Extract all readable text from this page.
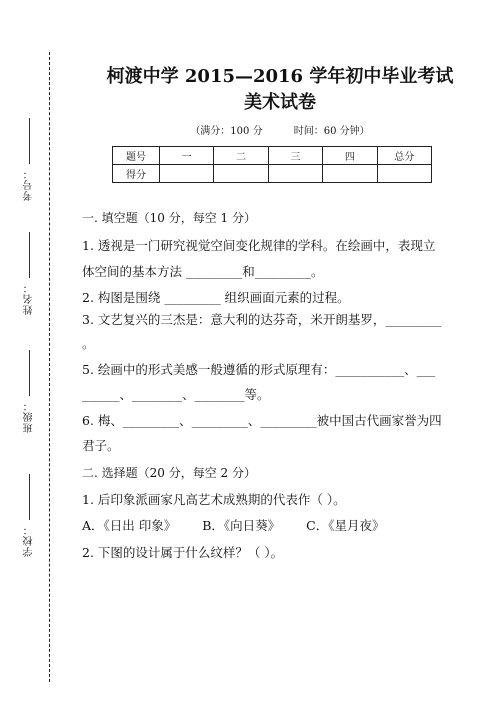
考号：
姓名：
班级：
学校：
柯渡中学 2015—2016 学年初中毕业考试
美术试卷

（满分：100 分	时间：60 分钟）

题号	一	二	三	四	总分
得分					

一. 填空题（10 分，每空 1 分）

1. 透视是一门研究视觉空间变化规律的学科。在绘画中，表现立

体空间的基本方法 _________和_________。

2. 构图是围绕 _________ 组织画面元素的过程。

3. 文艺复兴的三杰是：意大利的达芬奇，米开朗基罗，_________

。

5. 绘画中的形式美感一般遵循的形式原理有：___________、___

______、________、________等。

6. 梅、_________、_________、_________被中国古代画家誉为四

君子。

二. 选择题（20 分，每空 2 分）

1. 后印象派画家凡高艺术成熟期的代表作（ ）。

A．《日出 印象》 B．《向日葵》 C．《星月夜》

2. 下图的设计属于什么纹样？（ ）。
